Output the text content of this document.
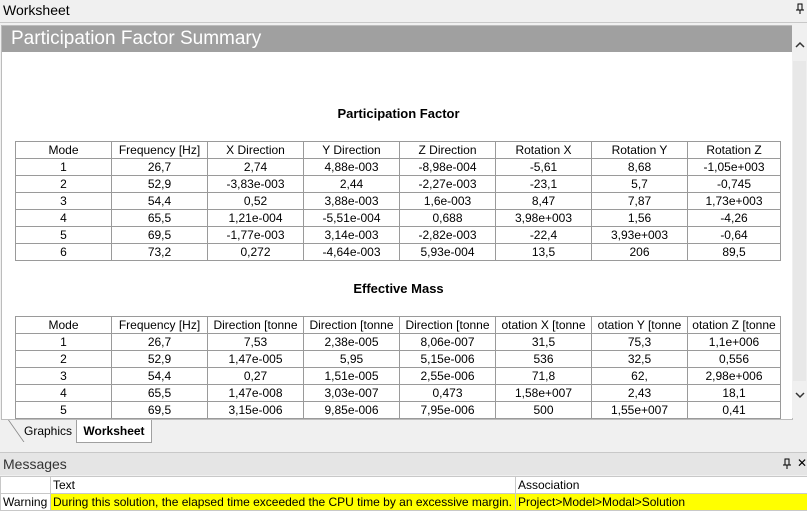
Worksheet
Participation Factor Summary
Participation Factor
Mode	Frequency [Hz]	X Direction	Y Direction	Z Direction	Rotation X	Rotation Y	Rotation Z
1	26,7	2,74	4,88e-003	-8,98e-004	-5,61	8,68	-1,05e+003
2	52,9	-3,83e-003	2,44	-2,27e-003	-23,1	5,7	-0,745
3	54,4	0,52	3,88e-003	1,6e-003	8,47	7,87	1,73e+003
4	65,5	1,21e-004	-5,51e-004	0,688	3,98e+003	1,56	-4,26
5	69,5	-1,77e-003	3,14e-003	-2,82e-003	-22,4	3,93e+003	-0,64
6	73,2	0,272	-4,64e-003	5,93e-004	13,5	206	89,5
Effective Mass
Mode	Frequency [Hz]	Direction [tonne	Direction [tonne	Direction [tonne	otation X [tonne	otation Y [tonne	otation Z [tonne
1	26,7	7,53	2,38e-005	8,06e-007	31,5	75,3	1,1e+006
2	52,9	1,47e-005	5,95	5,15e-006	536	32,5	0,556
3	54,4	0,27	1,51e-005	2,55e-006	71,8	62,	2,98e+006
4	65,5	1,47e-008	3,03e-007	0,473	1,58e+007	2,43	18,1
5	69,5	3,15e-006	9,85e-006	7,95e-006	500	1,55e+007	0,41
Graphics Worksheet
Messages	✕
	Text	Association
Warning	During this solution, the elapsed time exceeded the CPU time by an excessive margin.	Project>Model>Modal>Solution
